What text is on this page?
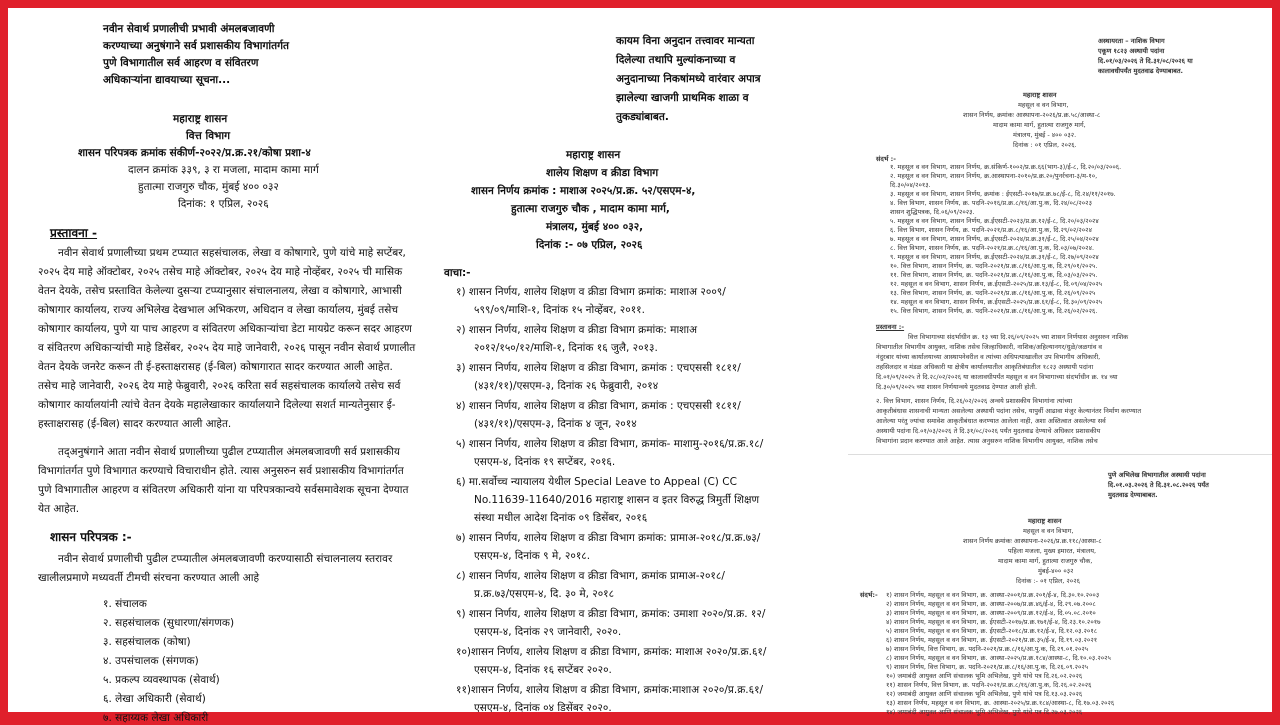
नवीन सेवार्थ प्रणालीची प्रभावी अंमलबजावणी
करण्याच्या अनुषंगाने सर्व प्रशासकीय विभागांतर्गत
पुणे विभागातील सर्व आहरण व संवितरण
अधिकाऱ्यांना द्यावयाच्या सूचना...
महाराष्ट्र शासन
वित्त विभाग
शासन परिपत्रक क्रमांक संकीर्ण-२०२२/प्र.क्र.२१/कोषा प्रशा-४
दालन क्रमांक ३३९, ३ रा मजला, मादाम कामा मार्ग
हुतात्मा राजगुरु चौक, मुंबई ४०० ०३२
दिनांक: १ एप्रिल, २०२६
प्रस्तावना -
नवीन सेवार्थ प्रणालीच्या प्रथम टप्प्यात सहसंचालक, लेखा व कोषागारे, पुणे यांचे माहे सप्टेंबर,
२०२५ देय माहे ऑक्टोबर, २०२५ तसेच माहे ऑक्टोबर, २०२५ देय माहे नोव्हेंबर, २०२५ ची मासिक
वेतन देयके, तसेच प्रस्तावित केलेल्या दुसऱ्या टप्प्यानुसार संचालनालय, लेखा व कोषागारे, आभासी
कोषागार कार्यालय, राज्य अभिलेख देखभाल अभिकरण, अधिदान व लेखा कार्यालय, मुंबई तसेच
कोषागार कार्यालय, पुणे या पाच आहरण व संवितरण अधिकाऱ्यांचा डेटा मायग्रेट करून सदर आहरण
व संवितरण अधिकाऱ्यांची माहे डिसेंबर, २०२५ देय माहे जानेवारी, २०२६ पासून नवीन सेवार्थ प्रणालीत
वेतन देयके जनरेट करून ती ई-हस्ताक्षरासह (ई-बिल) कोषागारात सादर करण्यात आली आहेत.
तसेच माहे जानेवारी, २०२६ देय माहे फेब्रुवारी, २०२६ करिता सर्व सहसंचालक कार्यालये तसेच सर्व
कोषागार कार्यालयांनी त्यांचे वेतन देयके महालेखाकार कार्यालयाने दिलेल्या सशर्त मान्यतेनुसार ई-
हस्ताक्षरासह (ई-बिल) सादर करण्यात आली आहेत.
तद्अनुषंगाने आता नवीन सेवार्थ प्रणालीच्या पुढील टप्प्यातील अंमलबजावणी सर्व प्रशासकीय
विभागांतर्गत पुणे विभागात करण्याचे विचाराधीन होते. त्यास अनुसरुन सर्व प्रशासकीय विभागांतर्गत
पुणे विभागातील आहरण व संवितरण अधिकारी यांना या परिपत्रकान्वये सर्वसमावेशक सूचना देण्यात
येत आहेत.
शासन परिपत्रक :-
नवीन सेवार्थ प्रणालीची पुढील टप्प्यातील अंमलबजावणी करण्यासाठी संचालनालय स्तरावर
खालीलप्रमाणे मध्यवर्ती टीमची संरचना करण्यात आली आहे
१. संचालक
२. सहसंचालक (सुधारणा/संगणक)
३. सहसंचालक (कोषा)
४. उपसंचालक (संगणक)
५. प्रकल्प व्यवस्थापक (सेवार्थ)
६. लेखा अधिकारी (सेवार्थ)
७. सहाय्यक लेखा अधिकारी
कायम विना अनुदान तत्त्वावर मान्यता
दिलेल्या तथापि मुल्यांकनाच्या व
अनुदानाच्या निकषांमध्ये वारंवार अपात्र
झालेल्या खाजगी प्राथमिक शाळा व
तुकड्यांबाबत.
महाराष्ट्र शासन
शालेय शिक्षण व क्रीडा विभाग
शासन निर्णय क्रमांक : माशाअ २०२५/प्र.क्र. ५२/एसएम-४,
हुतात्मा राजगुरु चौक , मादाम कामा मार्ग,
मंत्रालय, मुंबई ४०० ०३२,
दिनांक :- ०७ एप्रिल, २०२६
वाचा:-
१) शासन निर्णय, शालेय शिक्षण व क्रीडा विभाग क्रमांक: माशाअ २००९/
५९९/०९/माशि-१, दिनांक १५ नोव्हेंबर, २०११.
२) शासन निर्णय, शालेय शिक्षण व क्रीडा विभाग क्रमांक: माशाअ
२०१२/१५०/१२/माशि-१, दिनांक १६ जुलै, २०१३.
३) शासन निर्णय, शालेय शिक्षण व क्रीडा विभाग, क्रमांक : एचएससी १८११/
(४३१/११)/एसएम-३, दिनांक २६ फेब्रुवारी, २०१४
४) शासन निर्णय, शालेय शिक्षण व क्रीडा विभाग, क्रमांक : एचएससी १८११/
(४३१/११)/एसएम-३, दिनांक ४ जून, २०१४
५) शासन निर्णय, शालेय शिक्षण व क्रीडा विभाग, क्रमांक- माशामु-२०१६/प्र.क्र.१८/
एसएम-४, दिनांक १९ सप्टेंबर, २०१६.
६) मा.सर्वोच्च न्यायालय येथील Special Leave to Appeal (C) CC
No.11639-11640/2016 महाराष्ट्र शासन व इतर विरुद्ध त्रिमुर्ती शिक्षण
संस्था मधील आदेश दिनांक ०९ डिसेंबर, २०१६
७) शासन निर्णय, शालेय शिक्षण व क्रीडा विभाग क्रमांक: प्रामाअ-२०१८/प्र.क्र.७३/
एसएम-४, दिनांक ९ मे, २०१८.
८) शासन निर्णय, शालेय शिक्षण व क्रीडा विभाग, क्रमांक प्रामाअ-२०१८/
प्र.क्र.७३/एसएम-४, दि. ३० मे, २०१८
९) शासन निर्णय, शालेय शिक्षण व क्रीडा विभाग, क्रमांक: उमाशा २०२०/प्र.क्र. १२/
एसएम-४, दिनांक २९ जानेवारी, २०२०.
१०)शासन निर्णय, शालेय शिक्षण व क्रीडा विभाग, क्रमांक: माशाअ २०२०/प्र.क्र.६१/
एसएम-४, दिनांक १६ सप्टेंबर २०२०.
११)शासन निर्णय, शालेय शिक्षण व क्रीडा विभाग, क्रमांक:माशाअ २०२०/प्र.क्र.६१/
एसएम-४, दिनांक ०४ डिसेंबर २०२०.
अस्थायरता – नाशिक विभाग
एकूण १८२३ अस्थायी पदांना
दि.०१/०३/२०२६ ते दि.३१/०८/२०२६ या
कालावधीपर्यंत मुदतवाढ देण्याबाबत.
महाराष्ट्र शासन
महसूल व वन विभाग,
शासन निर्णय, क्रमांकः आस्थापना-२०२६/प्र.क्र.५८/आस्था-८
मादाम कामा मार्ग, हुतात्मा राजगुरु मार्ग,
मंत्रालय, मुंबई - ४०० ०३२.
दिनांक : ०१ एप्रिल, २०२६.
संदर्भ :-
१. महसूल व वन विभाग, शासन निर्णय, क्र.संकिर्ण-१००२/प्र.क्र.६६(भाग-३)/ई-८, दि.२०/०३/२००६.
२. महसूल व वन विभाग, शासन निर्णय, क्र.आस्थापना-२०१०/प्र.क्र.२०/पुनर्रचना-३/म-१०,
दि.३०/०४/२०१३.
३. महसूल व वन विभाग, शासन निर्णय, क्रमांक : ईएसटी-२०१७/प्र.क्र.७८/ई-८, दि.२४/११/२०१७.
४. वित्त विभाग, शासन निर्णय, क्र. पदनि-२०१६/प्र.क्र.८/१६/आ.पु.क, दि.२४/०८/२०२३
शासन शुद्धिपत्रक, दि.०६/०९/२०२३.
५. महसूल व वन विभाग, शासन निर्णय, क्र.ईएसटी-२०२३/प्र.क्र.१२/ई-८, दि.२०/०३/२०२४
६. वित्त विभाग, शासन निर्णय, क्र. पदनि-२०२१/प्र.क्र.८/१६/आ.पु.क, दि.२९/०२/२०२४
७. महसूल व वन विभाग, शासन निर्णय, क्र.ईएसटी-२०२४/प्र.क्र.३१/ई-८, दि.२५/०४/२०२४
८. वित्त विभाग, शासन निर्णय, क्र. पदनि-२०२१/प्र.क्र.८/१६/आ.पु.क, दि.०३/०७/२०२४.
९. महसूल व वन विभाग, शासन निर्णय, क्र.ईएसटी-२०२४/प्र.क्र.३१/ई-८, दि.२७/०९/२०२४
१०. वित्त विभाग, शासन निर्णय, क्र. पदनि-२०२१/प्र.क्र.८/१६/आ.पु.क, दि.२९/०१/२०२५.
११. वित्त विभाग, शासन निर्णय, क्र. पदनि-२०२१/प्र.क्र.८/१६/आ.पु.क, दि.०३/०३/२०२५.
१२. महसूल व वन विभाग, शासन निर्णय, क्र.ईएसटी-२०२५/प्र.क्र.१३/ई-८, दि.०९/०४/२०२५
१३. वित्त विभाग, शासन निर्णय, क्र. पदनि-२०२१/प्र.क्र.८/१६/आ.पु.क, दि.२६/०९/२०२५
१४. महसूल व वन विभाग, शासन निर्णय, क्र.ईएसटी-२०२५/प्र.क्र.६१/ई-८, दि.३०/०९/२०२५
१५. वित्त विभाग, शासन निर्णय, क्र. पदनि-२०२१/प्र.क्र.८/१६/आ.पु.क, दि.२६/०२/२०२६.
प्रस्तावना :-
वित्त विभागाच्या संदर्भाधीन क्र. १३ च्या दि.२६/०९/२०२५ च्या शासन निर्णयास अनुसरुन नाशिक
विभागातील विभागीय आयुक्त, नाशिक तसेच जिल्हाधिकारी, नाशिक/अहिल्यानगर/धुळे/जळगांव व
नंदुरबार यांच्या कार्यालयाच्या आस्थापनेवरील व त्यांच्या अधिपत्याखालील उप विभागीय अधिकारी,
तहसिलदार व मंडळ अधिकारी या क्षेत्रीय कार्यालयातील आकृतिबंधातील १८२३ अस्थायी पदांना
दि.०१/०९/२०२५ ते दि.२८/०२/२०२६ या कालावधीपर्यंत महसूल व वन विभागाच्या संदर्भाधीन क्र. १४ च्या
दि.३०/०९/२०२५ च्या शासन निर्णयान्वये मुदतवाढ देण्यात आली होती.
२. वित्त विभाग, शासन निर्णय, दि.२६/०२/२०२६ अन्वये प्रशासकीय विभागांना त्यांच्या
आकृतीबंधास शासनाची मान्यता असलेल्या अस्थायी पदांना तसेच, यापुर्वी आढावा मंजुर केल्यानंतर निर्माण करण्यात
आलेल्या परंतु ज्यांचा समावेश आकृतीबंधात करण्यात आलेला नाही, अशा अस्तित्वात असलेल्या सर्व
अस्थायी पदांना दि.०१/०३/२०२६ ते दि.३१/०८/२०२६ पर्यंत मुदतवाढ देण्याचे अधिकार प्रशासकीय
विभागांना प्रदान करण्यात आले आहेत. त्यास अनुसरुन नाशिक विभागीय आयुक्त, नाशिक तसेच
पुणे अभिलेख विभागातील अस्थायी पदांना
दि.०१.०३.२०२६ ते दि.३१.०८.२०२६ पर्यंत
मुदतवाढ देण्याबाबत.
महाराष्ट्र शासन
महसूल व वन विभाग,
शासन निर्णय क्रमांकः आस्थापना-२०२६/प्र.क्र.११८/आस्था-८
पहिला मजला, मुख्य इमारत, मंत्रालय,
मादाम कामा मार्ग, हुतात्मा राजगुरु चौक,
मुंबई-४०० ०३२
दिनांक :- ०१ एप्रिल, २०२६
संदर्भ:- १) शासन निर्णय, महसूल व वन विभाग, क्र. आस्था-२००१/प्र.क्र.२०१/ई-४, दि.३०.१०.२००३
२) शासन निर्णय, महसूल व वन विभाग, क्र. आस्था-२००७/प्र.क्र.४६/ई-४, दि.२९.०७.२००८
३) शासन निर्णय, महसूल व वन विभाग, क्र. आस्था-२००९/प्र.क्र.१२/ई-४, दि.०५.०८.२०१०
४) शासन निर्णय, महसूल व वन विभाग, क्र. ईएसटी-२०१७/प्र.क्र.१७१/ई-४, दि.२३.१०.२०१७
५) शासन निर्णय, महसूल व वन विभाग, क्र. ईएसटी-२०१८/प्र.क्र.१२/ई-४, दि.१२.०३.२०१८
६) शासन निर्णय, महसूल व वन विभाग, क्र. ईएसटी-२०२१/प्र.क्र.३५/ई-४, दि.१९.०३.२०२१
७) शासन निर्णय, वित्त विभाग, क्र. पदनि-२०२१/प्र.क्र.८/१६/आ.पु.क, दि.२९.०१.२०२५
८) शासन निर्णय, महसूल व वन विभाग, क्र. आस्था-२०२५/प्र.क्र.१८४/आस्था-८, दि.१०.०३.२०२५
९) शासन निर्णय, वित्त विभाग, क्र. पदनि-२०२१/प्र.क्र.८/१६/आ.पु.क, दि.२६.०९.२०२५
१०) जमाबंदी आयुक्त आणि संचालक भूमि अभिलेख, पुणे यांचे पत्र दि.२६.०२.२०२६
११) शासन निर्णय, वित्त विभाग, क्र. पदनि-२०२१/प्र.क्र.८/१६/आ.पु.क, दि.२६.०२.२०२६
१२) जमाबंदी आयुक्त आणि संचालक भूमि अभिलेख, पुणे यांचे पत्र दि.१३.०३.२०२६
१३) शासन निर्णय, महसूल व वन विभाग, क्र. आस्था-२०२५/प्र.क्र.१८४/आस्था-८, दि.१७.०३.२०२६
१४) जमाबंदी आयुक्त आणि संचालक भूमि अभिलेख, पुणे यांचे पत्र दि.२७.०३.२०२६
